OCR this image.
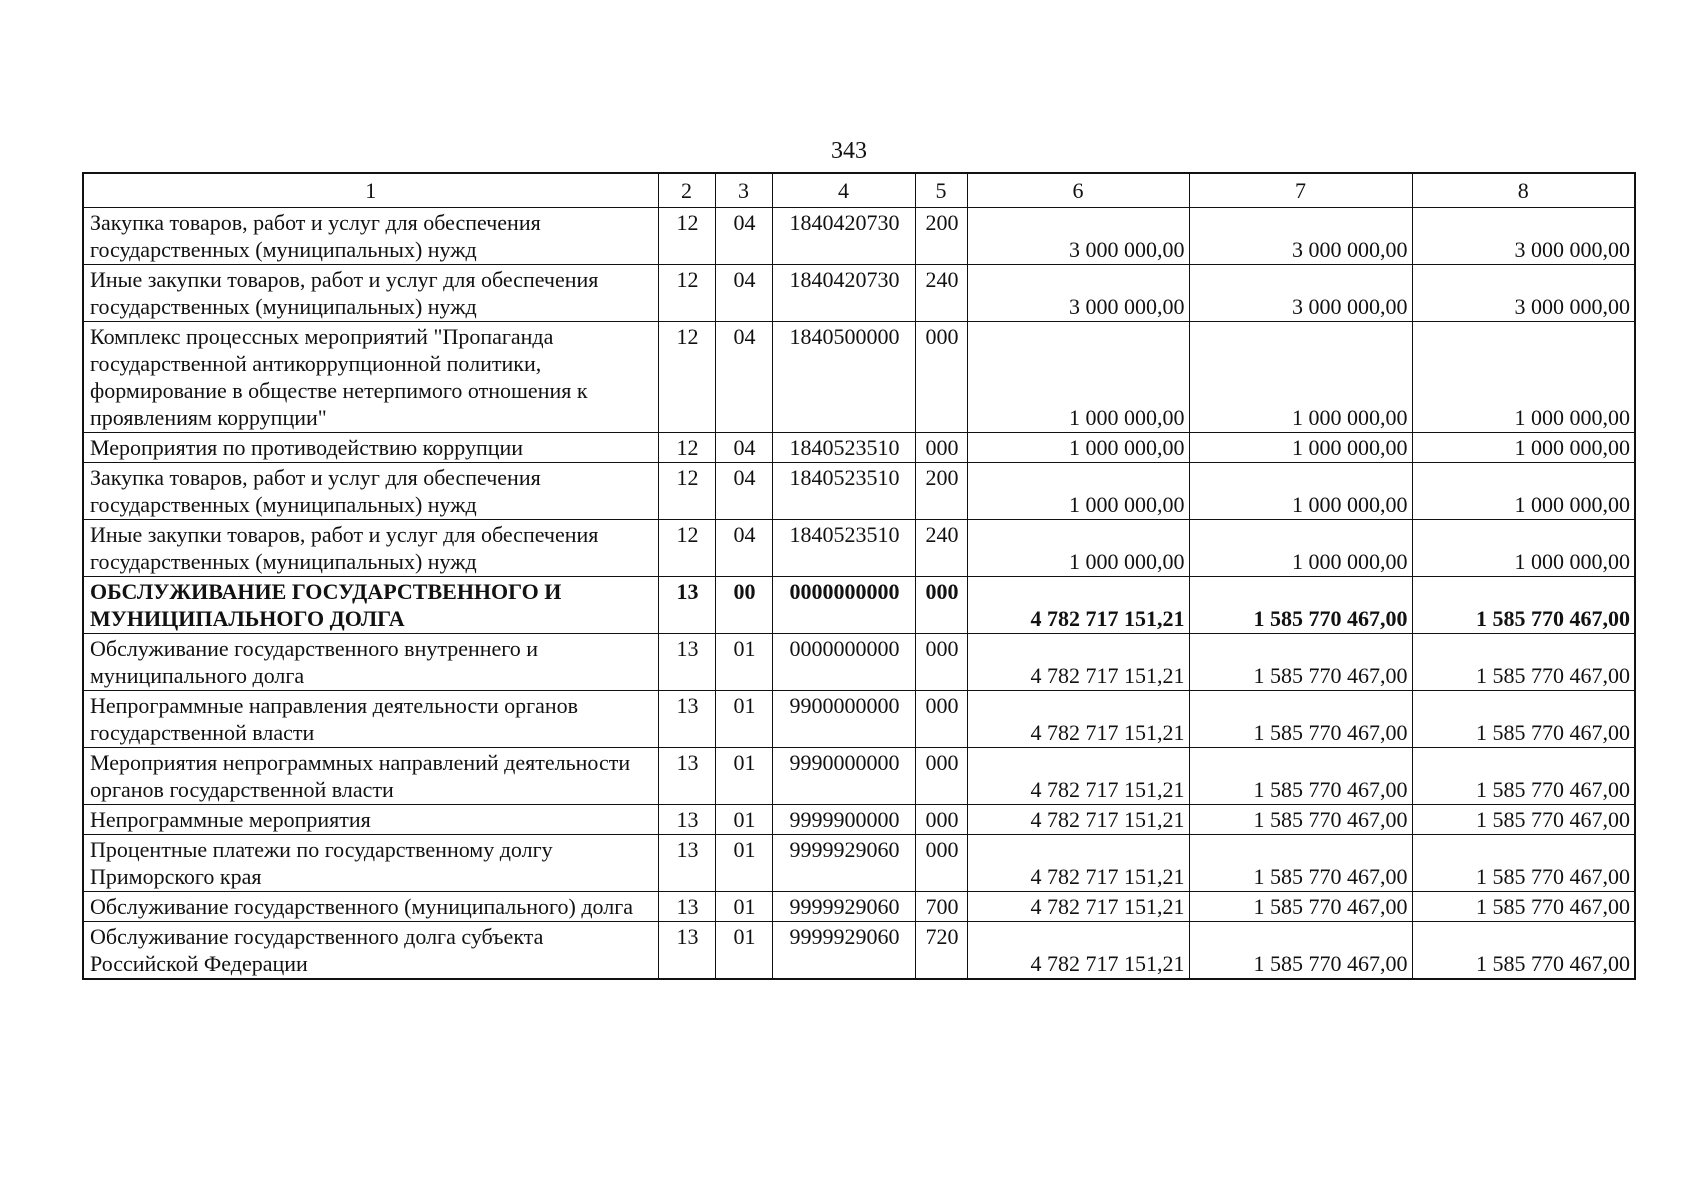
343
1	2	3	4	5	6	7	8
Закупка товаров, работ и услуг для обеспечения государственных (муниципальных) нужд	12	04	1840420730	200	3 000 000,00	3 000 000,00	3 000 000,00
Иные закупки товаров, работ и услуг для обеспечения государственных (муниципальных) нужд	12	04	1840420730	240	3 000 000,00	3 000 000,00	3 000 000,00
Комплекс процессных мероприятий "Пропаганда государственной антикоррупционной политики, формирование в обществе нетерпимого отношения к проявлениям коррупции"	12	04	1840500000	000	1 000 000,00	1 000 000,00	1 000 000,00
Мероприятия по противодействию коррупции	12	04	1840523510	000	1 000 000,00	1 000 000,00	1 000 000,00
Закупка товаров, работ и услуг для обеспечения государственных (муниципальных) нужд	12	04	1840523510	200	1 000 000,00	1 000 000,00	1 000 000,00
Иные закупки товаров, работ и услуг для обеспечения государственных (муниципальных) нужд	12	04	1840523510	240	1 000 000,00	1 000 000,00	1 000 000,00
ОБСЛУЖИВАНИЕ ГОСУДАРСТВЕННОГО И МУНИЦИПАЛЬНОГО ДОЛГА	13	00	0000000000	000	4 782 717 151,21	1 585 770 467,00	1 585 770 467,00
Обслуживание государственного внутреннего и муниципального долга	13	01	0000000000	000	4 782 717 151,21	1 585 770 467,00	1 585 770 467,00
Непрограммные направления деятельности органов государственной власти	13	01	9900000000	000	4 782 717 151,21	1 585 770 467,00	1 585 770 467,00
Мероприятия непрограммных направлений деятельности органов государственной власти	13	01	9990000000	000	4 782 717 151,21	1 585 770 467,00	1 585 770 467,00
Непрограммные мероприятия	13	01	9999900000	000	4 782 717 151,21	1 585 770 467,00	1 585 770 467,00
Процентные платежи по государственному долгу Приморского края	13	01	9999929060	000	4 782 717 151,21	1 585 770 467,00	1 585 770 467,00
Обслуживание государственного (муниципального) долга	13	01	9999929060	700	4 782 717 151,21	1 585 770 467,00	1 585 770 467,00
Обслуживание государственного долга субъекта Российской Федерации	13	01	9999929060	720	4 782 717 151,21	1 585 770 467,00	1 585 770 467,00
